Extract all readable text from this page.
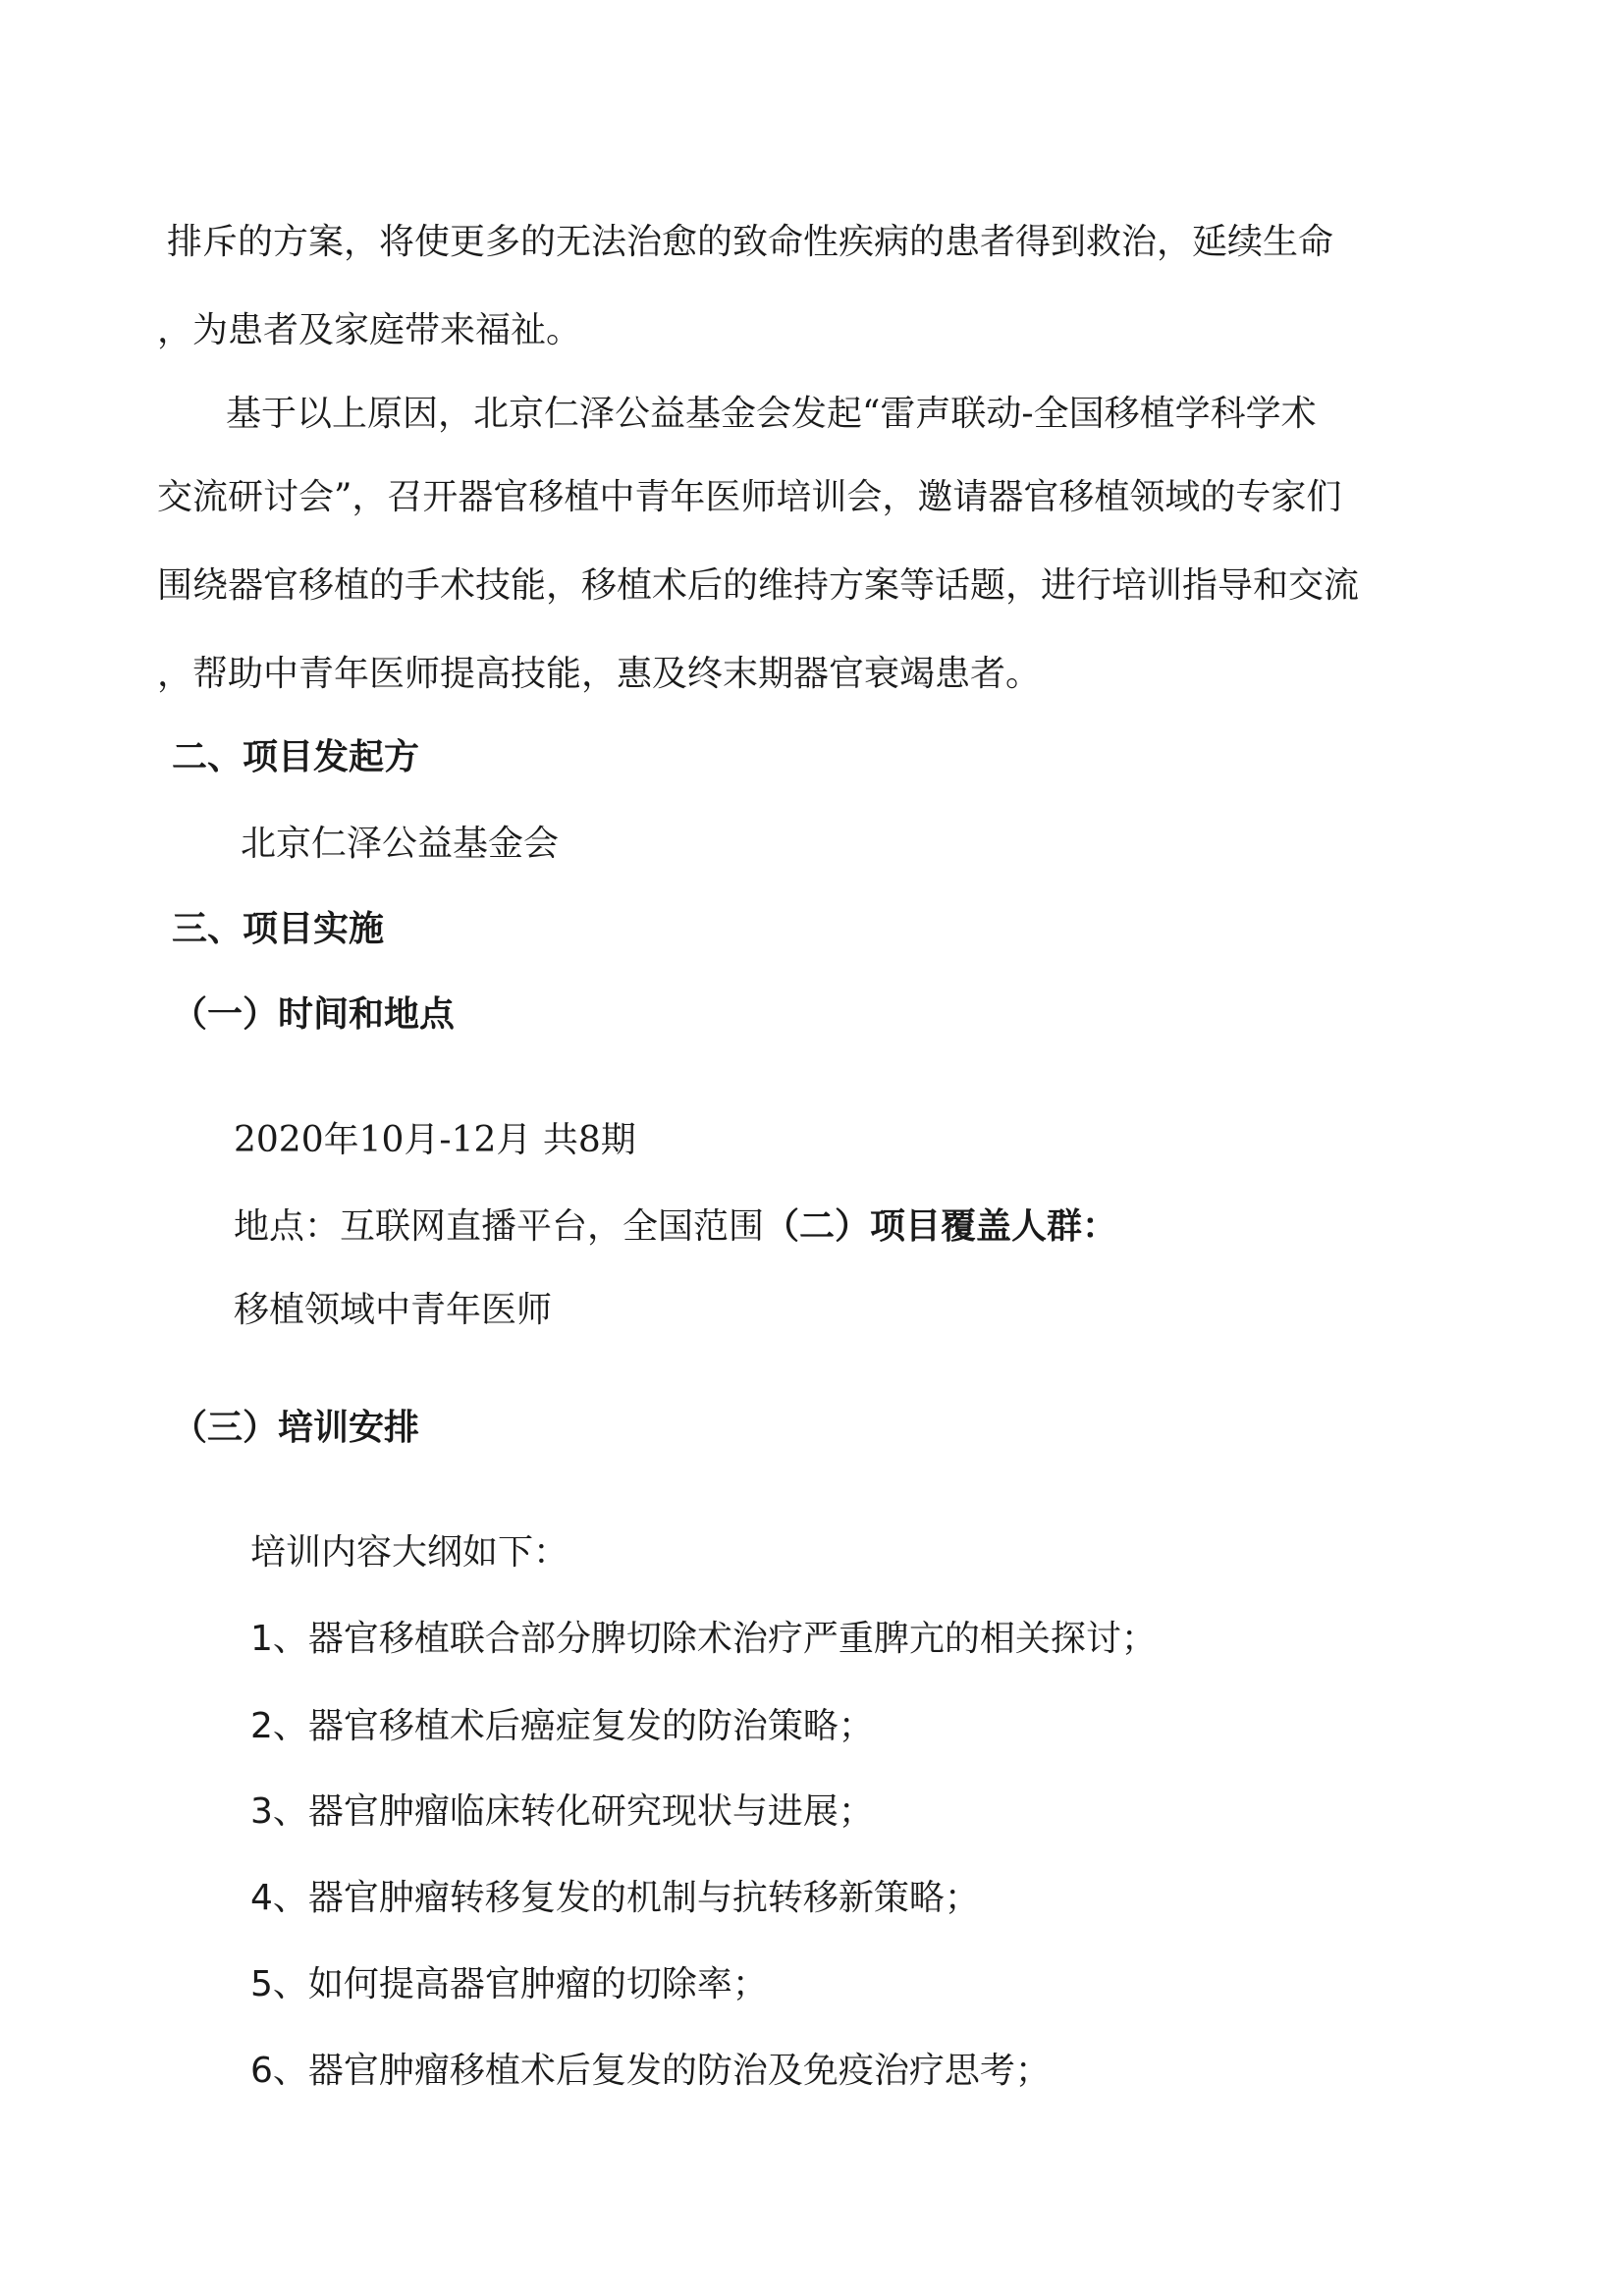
排斥的方案，将使更多的无法治愈的致命性疾病的患者得到救治，延续生命
，为患者及家庭带来福祉。
基于以上原因，北京仁泽公益基金会发起“雷声联动-全国移植学科学术
交流研讨会”，召开器官移植中青年医师培训会，邀请器官移植领域的专家们
围绕器官移植的手术技能，移植术后的维持方案等话题，进行培训指导和交流
，帮助中青年医师提高技能，惠及终末期器官衰竭患者。
二、项目发起方
北京仁泽公益基金会
三、项目实施
（一）时间和地点
2020年10月-12月 共8期
地点：互联网直播平台，全国范围（二）项目覆盖人群：
移植领域中青年医师
（三）培训安排
培训内容大纲如下：
1、器官移植联合部分脾切除术治疗严重脾亢的相关探讨；
2、器官移植术后癌症复发的防治策略；
3、器官肿瘤临床转化研究现状与进展；
4、器官肿瘤转移复发的机制与抗转移新策略；
5、如何提高器官肿瘤的切除率；
6、器官肿瘤移植术后复发的防治及免疫治疗思考；
